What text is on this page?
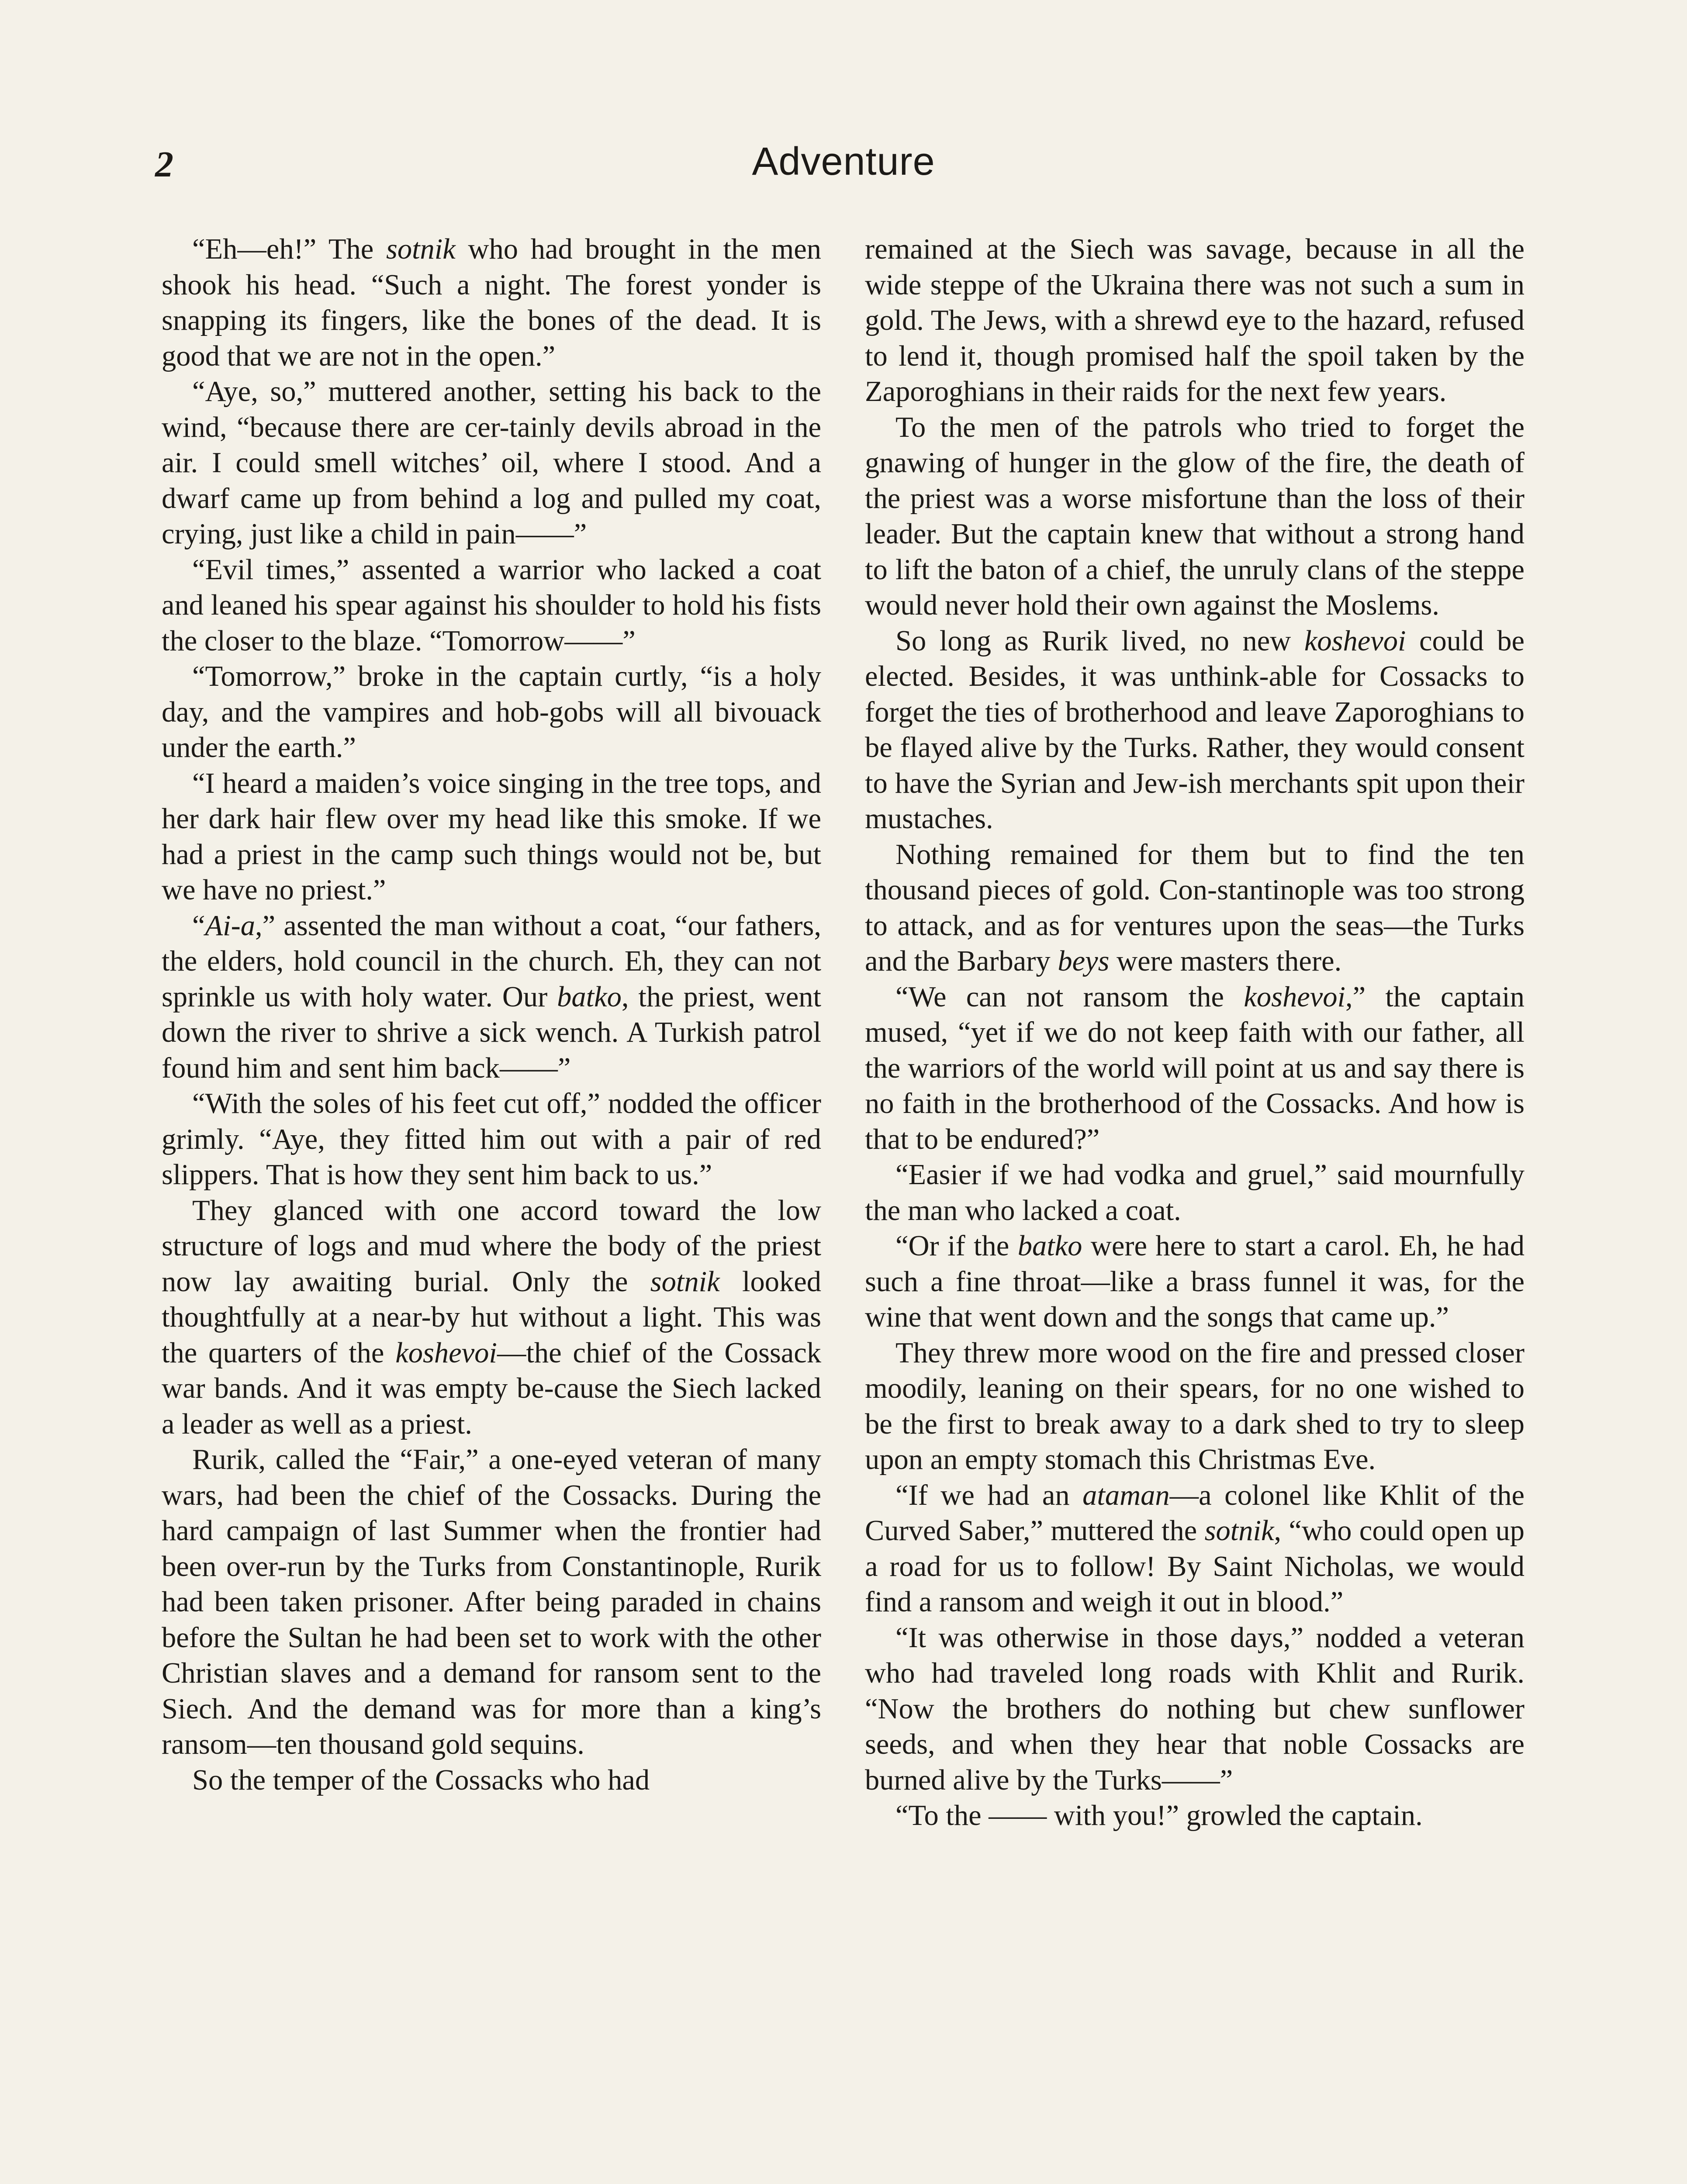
2	Adventure

“Eh—eh!” The sotnik who had brought in the men shook his head. “Such a night. The forest yonder is snapping its fingers, like the bones of the dead. It is good that we are not in the open.”

“Aye, so,” muttered another, setting his back to the wind, “because there are cer-tainly devils abroad in the air. I could smell witches’ oil, where I stood. And a dwarf came up from behind a log and pulled my coat, crying, just like a child in pain——”

“Evil times,” assented a warrior who lacked a coat and leaned his spear against his shoulder to hold his fists the closer to the blaze. “Tomorrow——”

“Tomorrow,” broke in the captain curtly, “is a holy day, and the vampires and hob-gobs will all bivouack under the earth.”

“I heard a maiden’s voice singing in the tree tops, and her dark hair flew over my head like this smoke. If we had a priest in the camp such things would not be, but we have no priest.”

“Ai-a,” assented the man without a coat, “our fathers, the elders, hold council in the church. Eh, they can not sprinkle us with holy water. Our batko, the priest, went down the river to shrive a sick wench. A Turkish patrol found him and sent him back——”

“With the soles of his feet cut off,” nodded the officer grimly. “Aye, they fitted him out with a pair of red slippers. That is how they sent him back to us.”

They glanced with one accord toward the low structure of logs and mud where the body of the priest now lay awaiting burial. Only the sotnik looked thoughtfully at a near-by hut without a light. This was the quarters of the koshevoi—the chief of the Cossack war bands. And it was empty be-cause the Siech lacked a leader as well as a priest.

Rurik, called the “Fair,” a one-eyed veteran of many wars, had been the chief of the Cossacks. During the hard campaign of last Summer when the frontier had been over-run by the Turks from Constantinople, Rurik had been taken prisoner. After being paraded in chains before the Sultan he had been set to work with the other Christian slaves and a demand for ransom sent to the Siech. And the demand was for more than a king’s ransom—ten thousand gold sequins.

So the temper of the Cossacks who had

remained at the Siech was savage, because in all the wide steppe of the Ukraina there was not such a sum in gold. The Jews, with a shrewd eye to the hazard, refused to lend it, though promised half the spoil taken by the Zaporoghians in their raids for the next few years.

To the men of the patrols who tried to forget the gnawing of hunger in the glow of the fire, the death of the priest was a worse misfortune than the loss of their leader. But the captain knew that without a strong hand to lift the baton of a chief, the unruly clans of the steppe would never hold their own against the Moslems.

So long as Rurik lived, no new koshevoi could be elected. Besides, it was unthink-able for Cossacks to forget the ties of brotherhood and leave Zaporoghians to be flayed alive by the Turks. Rather, they would consent to have the Syrian and Jew-ish merchants spit upon their mustaches.

Nothing remained for them but to find the ten thousand pieces of gold. Con-stantinople was too strong to attack, and as for ventures upon the seas—the Turks and the Barbary beys were masters there.

“We can not ransom the koshevoi,” the captain mused, “yet if we do not keep faith with our father, all the warriors of the world will point at us and say there is no faith in the brotherhood of the Cossacks. And how is that to be endured?”

“Easier if we had vodka and gruel,” said mournfully the man who lacked a coat.

“Or if the batko were here to start a carol. Eh, he had such a fine throat—like a brass funnel it was, for the wine that went down and the songs that came up.”

They threw more wood on the fire and pressed closer moodily, leaning on their spears, for no one wished to be the first to break away to a dark shed to try to sleep upon an empty stomach this Christmas Eve.

“If we had an ataman—a colonel like Khlit of the Curved Saber,” muttered the sotnik, “who could open up a road for us to follow! By Saint Nicholas, we would find a ransom and weigh it out in blood.”

“It was otherwise in those days,” nodded a veteran who had traveled long roads with Khlit and Rurik. “Now the brothers do nothing but chew sunflower seeds, and when they hear that noble Cossacks are burned alive by the Turks——”

“To the —— with you!” growled the captain.
